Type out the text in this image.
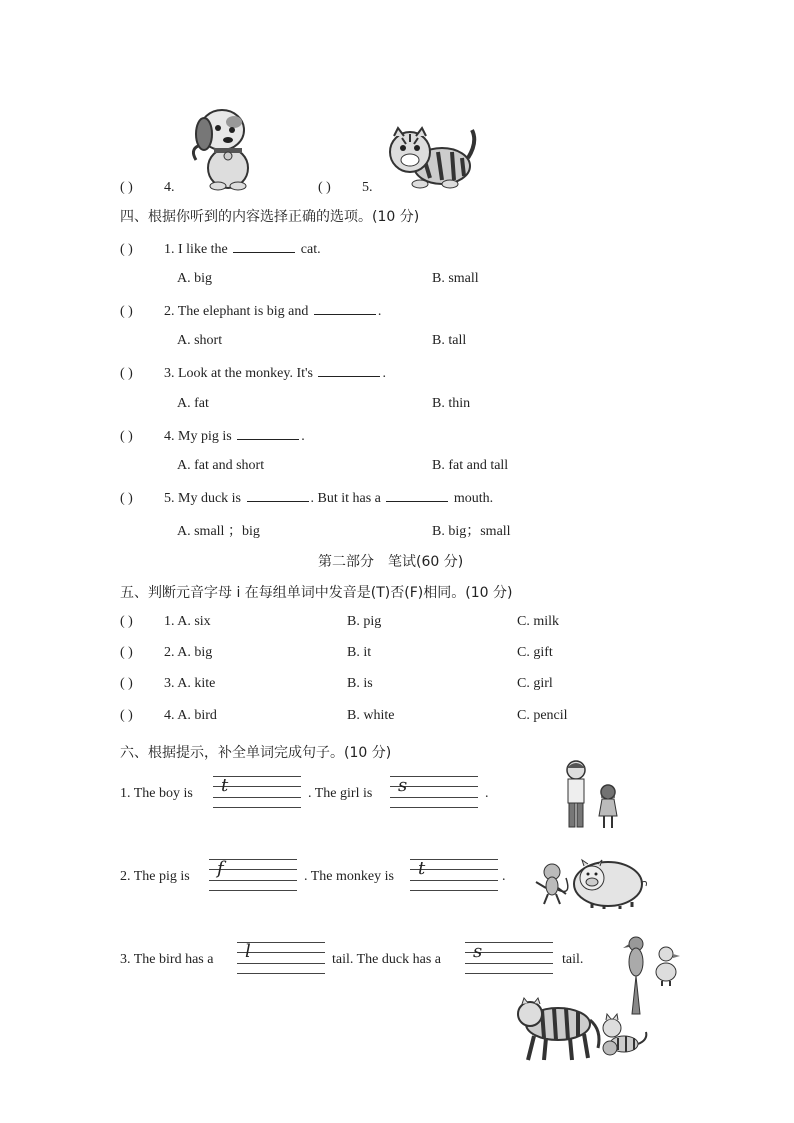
( ) 4.	( ) 5.
四、根据你听到的内容选择正确的选项。(10 分)
( ) 1. I like the	cat.
A. big	B. small
( ) 2. The elephant is big and	.
A. short	B. tall
( ) 3. Look at the monkey. It's	.
A. fat	B. thin
( ) 4. My pig is	.
A. fat and short	B. fat and tall
( ) 5. My duck is	. But it has a	mouth.
A. small ；big	B. big；small
第二部分　笔试(60 分)
五、判断元音字母 i 在每组单词中发音是(T)否(F)相同。(10 分)
( ) 1. A. six	B. pig	C. milk
( ) 2. A. big	B. it	C. gift
( ) 3. A. kite	B. is	C. girl
( ) 4. A. bird	B. white	C. pencil
六、根据提示，补全单词完成句子。(10 分)
1. The boy is t	. The girl is s	.
2. The pig is f	. The monkey is t	.
3. The bird has a l	tail. The duck has a s	tail.
